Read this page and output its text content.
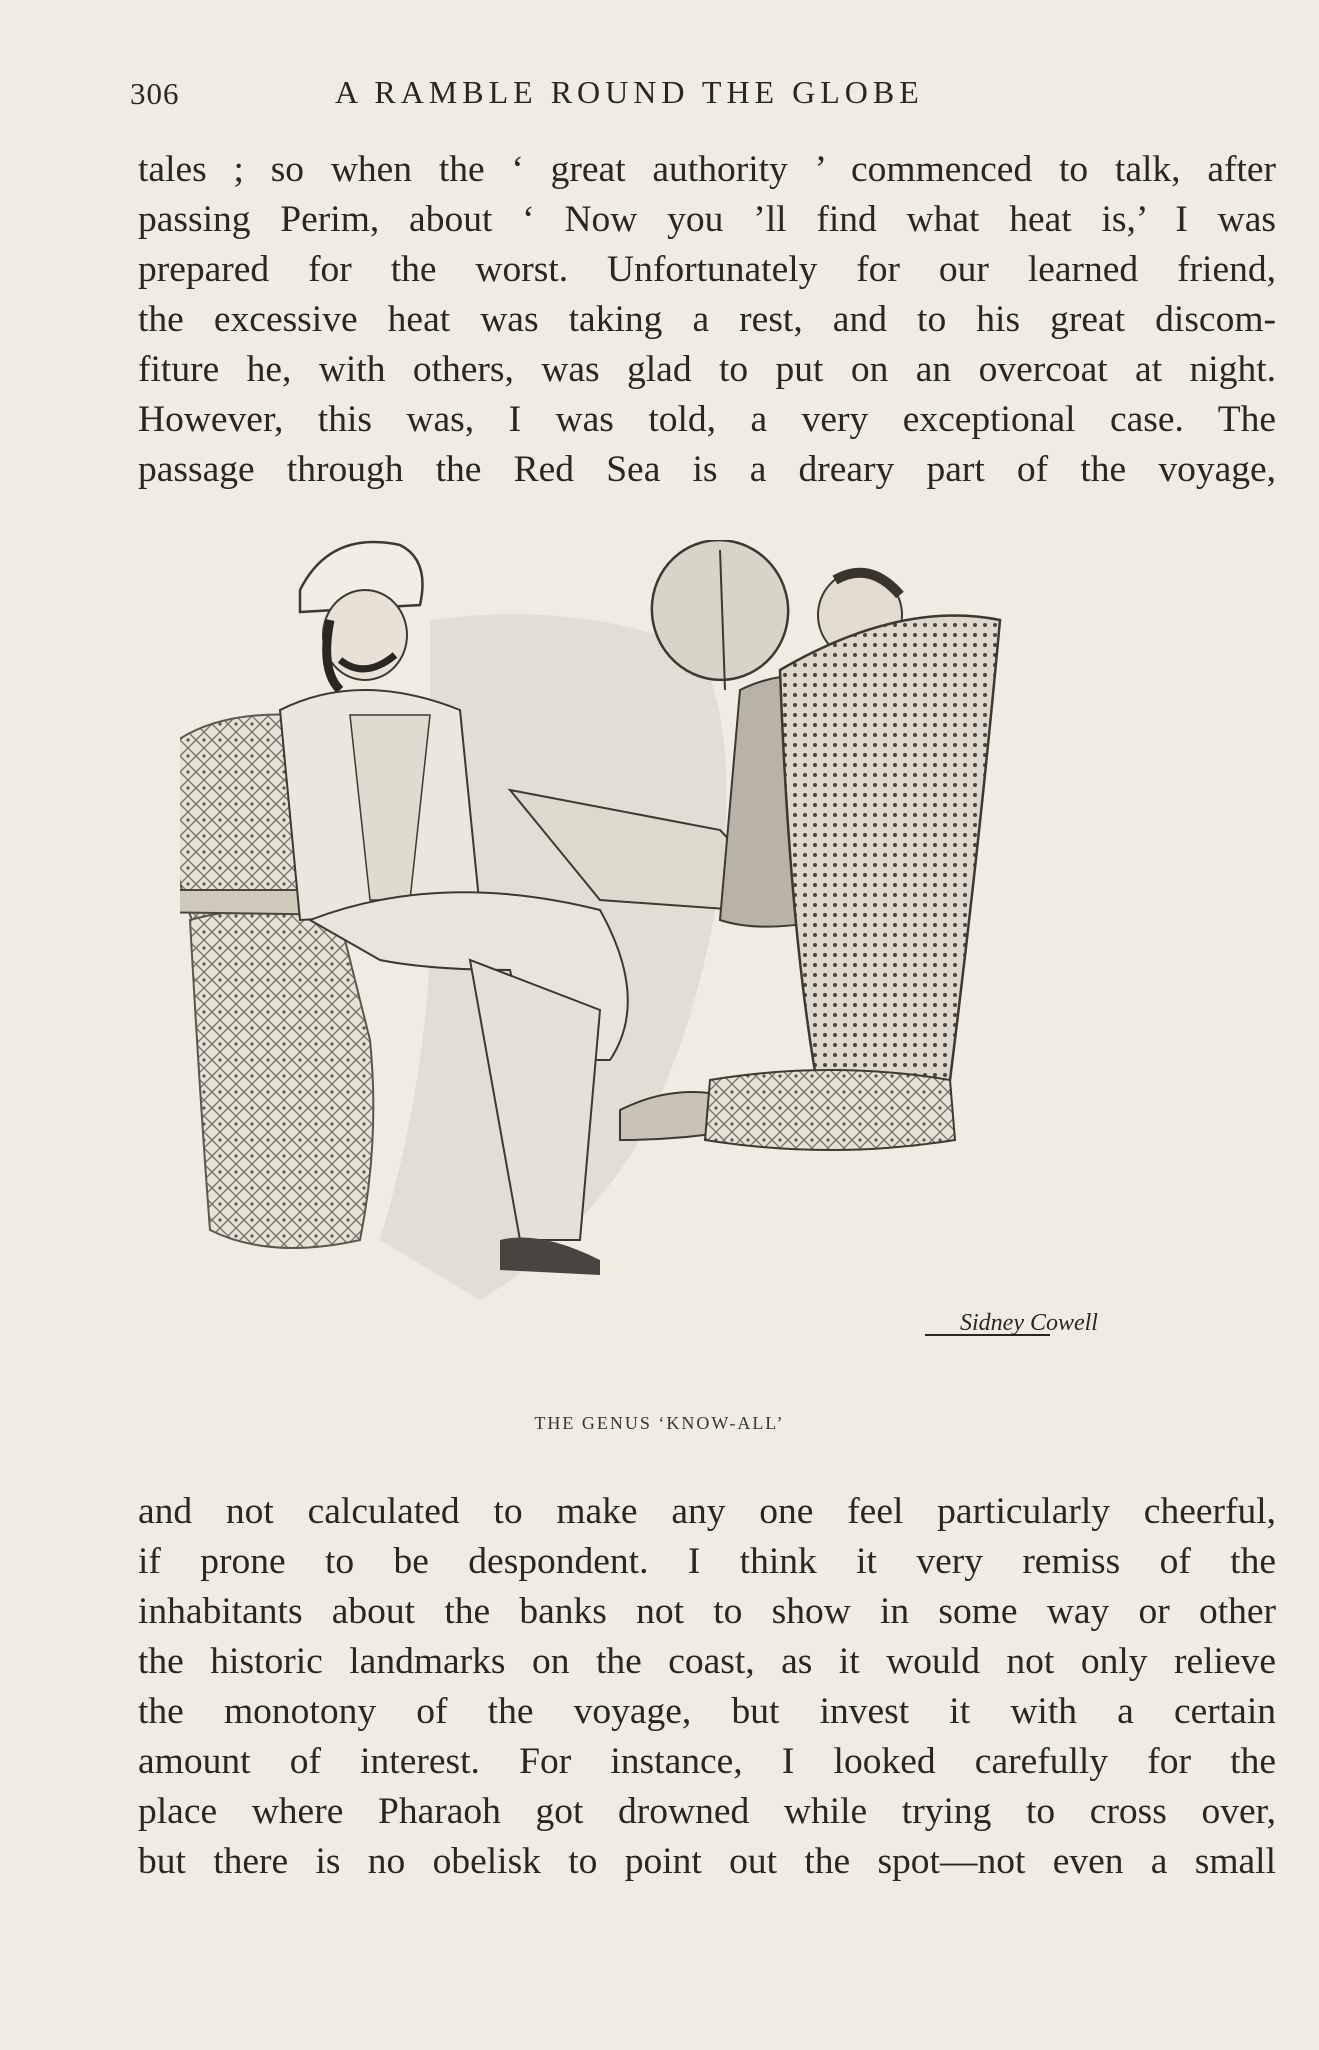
306	A RAMBLE ROUND THE GLOBE

tales ; so when the ‘ great authority ’ commenced to talk, after
passing Perim, about ‘ Now you ’ll find what heat is,’ I was
prepared for the worst. Unfortunately for our learned friend,
the excessive heat was taking a rest, and to his great discom-
fiture he, with others, was glad to put on an overcoat at night.
However, this was, I was told, a very exceptional case. The
passage through the Red Sea is a dreary part of the voyage,

Sidney Cowell
THE GENUS ‘KNOW-ALL’

and not calculated to make any one feel particularly cheerful,
if prone to be despondent. I think it very remiss of the
inhabitants about the banks not to show in some way or other
the historic landmarks on the coast, as it would not only relieve
the monotony of the voyage, but invest it with a certain
amount of interest. For instance, I looked carefully for the
place where Pharaoh got drowned while trying to cross over,
but there is no obelisk to point out the spot—not even a small
